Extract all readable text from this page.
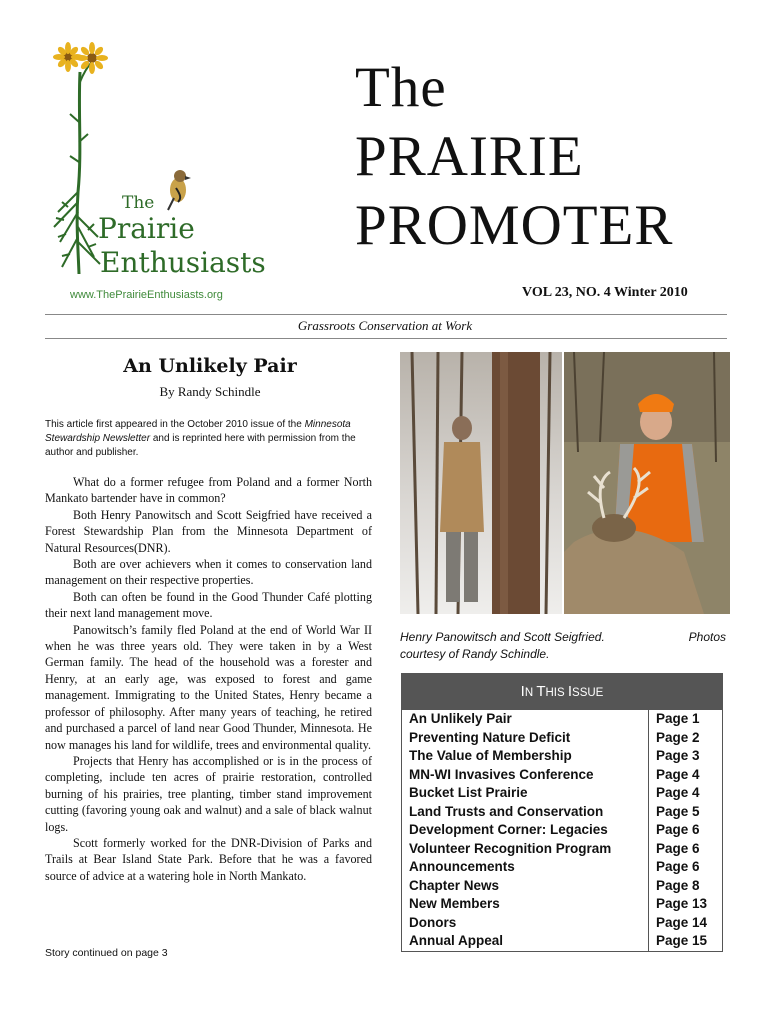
The
Prairie
Enthusiasts
The
PRAIRIE
PROMOTER
www.ThePrairieEnthusiasts.org	VOL 23, NO. 4 Winter 2010
Grassroots Conservation at Work
An Unlikely Pair
By Randy Schindle
This article first appeared in the October 2010 issue of the Minnesota Stewardship Newsletter and is reprinted here with permission from the author and publisher.

What do a former refugee from Poland and a former North Mankato bartender have in common?

Both Henry Panowitsch and Scott Seigfried have received a Forest Stewardship Plan from the Minnesota Department of Natural Resources(DNR).

Both are over achievers when it comes to conservation land management on their respective properties.

Both can often be found in the Good Thunder Café plotting their next land management move.

Panowitsch’s family fled Poland at the end of World War II when he was three years old. They were taken in by a West German family. The head of the household was a forester and Henry, at an early age, was exposed to forest and game management. Immigrating to the United States, Henry became a professor of philosophy. After many years of teaching, he retired and purchased a parcel of land near Good Thunder, Minnesota. He now manages his land for wildlife, trees and environmental quality.

Projects that Henry has accomplished or is in the process of completing, include ten acres of prairie restoration, controlled burning of his prairies, tree planting, timber stand improvement cutting (favoring young oak and walnut) and a sale of black walnut logs.

Scott formerly worked for the DNR-Division of Parks and Trails at Bear Island State Park. Before that he was a favored source of advice at a watering hole in North Mankato.

Story continued on page 3
Henry Panowitsch and Scott Seigfried.	Photos

courtesy of Randy Schindle.
IN THIS ISSUE
An Unlikely Pair	Page 1
Preventing Nature Deficit	Page 2
The Value of Membership	Page 3
MN-WI Invasives Conference	Page 4
Bucket List Prairie	Page 4
Land Trusts and Conservation	Page 5
Development Corner: Legacies	Page 6
Volunteer Recognition Program	Page 6
Announcements	Page 6
Chapter News	Page 8
New Members	Page 13
Donors	Page 14
Annual Appeal	Page 15
